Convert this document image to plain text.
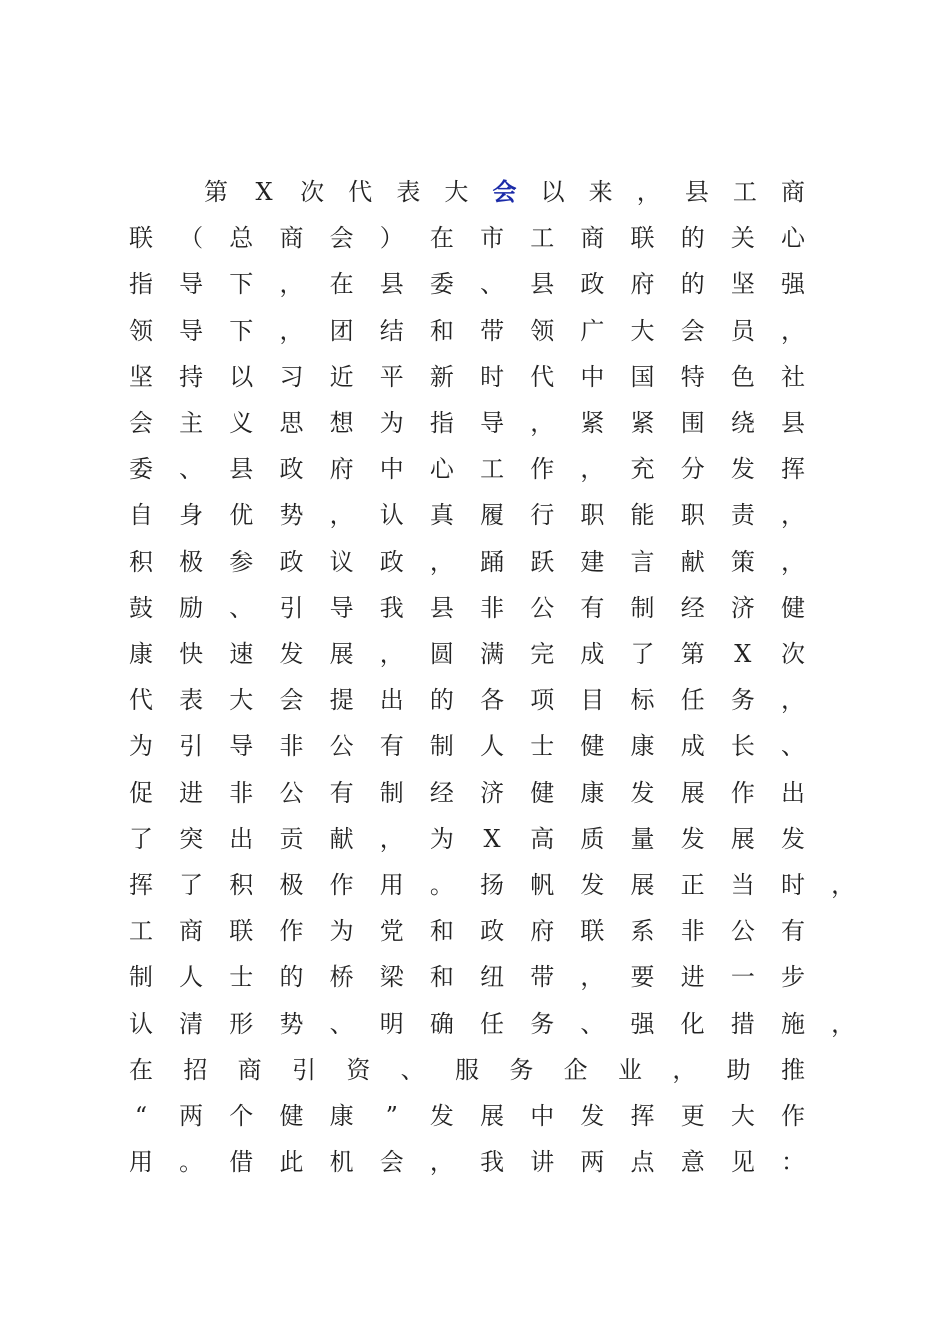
第 X 次 代 表 大 会 以 来 ， 县 工 商
联 （ 总 商 会 ） 在 市 工 商 联 的 关 心
指 导 下 ， 在 县 委 、 县 政 府 的 坚 强
领 导 下 ， 团 结 和 带 领 广 大 会 员 ，
坚 持 以 习 近 平 新 时 代 中 国 特 色 社
会 主 义 思 想 为 指 导 ， 紧 紧 围 绕 县
委 、 县 政 府 中 心 工 作 ， 充 分 发 挥
自 身 优 势 ， 认 真 履 行 职 能 职 责 ，
积 极 参 政 议 政 ， 踊 跃 建 言 献 策 ，
鼓 励 、 引 导 我 县 非 公 有 制 经 济 健
康 快 速 发 展 ， 圆 满 完 成 了 第 X 次
代 表 大 会 提 出 的 各 项 目 标 任 务 ，
为 引 导 非 公 有 制 人 士 健 康 成 长 、
促 进 非 公 有 制 经 济 健 康 发 展 作 出
了 突 出 贡 献 ， 为 X 高 质 量 发 展 发
挥 了 积 极 作 用 。 扬 帆 发 展 正 当 时 ，
工 商 联 作 为 党 和 政 府 联 系 非 公 有
制 人 士 的 桥 梁 和 纽 带 ， 要 进 一 步
认 清 形 势 、 明 确 任 务 、 强 化 措 施 ，
在 招 商 引 资 、 服 务 企 业 ， 助 推
“	两 个 健 康	”	发 展 中 发 挥 更 大 作
用 。 借 此 机 会 ， 我 讲 两 点 意 见 ：
